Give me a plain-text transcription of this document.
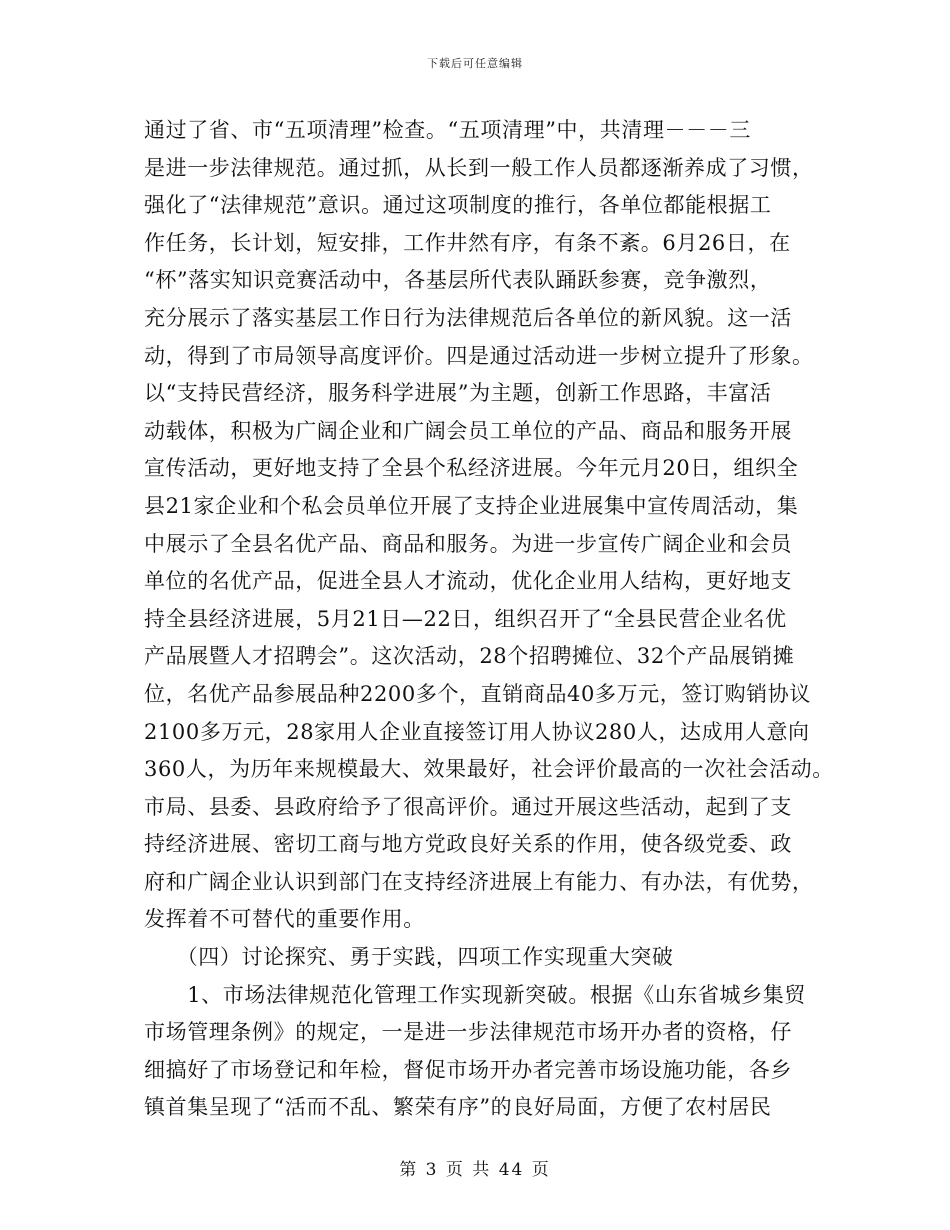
下载后可任意编辑
通过了省、市“五项清理”检查。“五项清理”中，共清理－－－三
是进一步法律规范。通过抓，从长到一般工作人员都逐渐养成了习惯，
强化了“法律规范”意识。通过这项制度的推行，各单位都能根据工
作任务，长计划，短安排，工作井然有序，有条不紊。6月26日，在
“杯”落实知识竞赛活动中，各基层所代表队踊跃参赛，竞争激烈，
充分展示了落实基层工作日行为法律规范后各单位的新风貌。这一活
动，得到了市局领导高度评价。四是通过活动进一步树立提升了形象。
以“支持民营经济，服务科学进展”为主题，创新工作思路，丰富活
动载体，积极为广阔企业和广阔会员工单位的产品、商品和服务开展
宣传活动，更好地支持了全县个私经济进展。今年元月20日，组织全
县21家企业和个私会员单位开展了支持企业进展集中宣传周活动，集
中展示了全县名优产品、商品和服务。为进一步宣传广阔企业和会员
单位的名优产品，促进全县人才流动，优化企业用人结构，更好地支
持全县经济进展，5月21日—22日，组织召开了“全县民营企业名优
产品展暨人才招聘会”。这次活动，28个招聘摊位、32个产品展销摊
位，名优产品参展品种2200多个，直销商品40多万元，签订购销协议
2100多万元，28家用人企业直接签订用人协议280人，达成用人意向
360人，为历年来规模最大、效果最好，社会评价最高的一次社会活动。
市局、县委、县政府给予了很高评价。通过开展这些活动，起到了支
持经济进展、密切工商与地方党政良好关系的作用，使各级党委、政
府和广阔企业认识到部门在支持经济进展上有能力、有办法，有优势，
发挥着不可替代的重要作用。
　　（四）讨论探究、勇于实践，四项工作实现重大突破
　　1、市场法律规范化管理工作实现新突破。根据《山东省城乡集贸
市场管理条例》的规定，一是进一步法律规范市场开办者的资格，仔
细搞好了市场登记和年检，督促市场开办者完善市场设施功能，各乡
镇首集呈现了“活而不乱、繁荣有序”的良好局面，方便了农村居民
第 3 页 共 44 页
